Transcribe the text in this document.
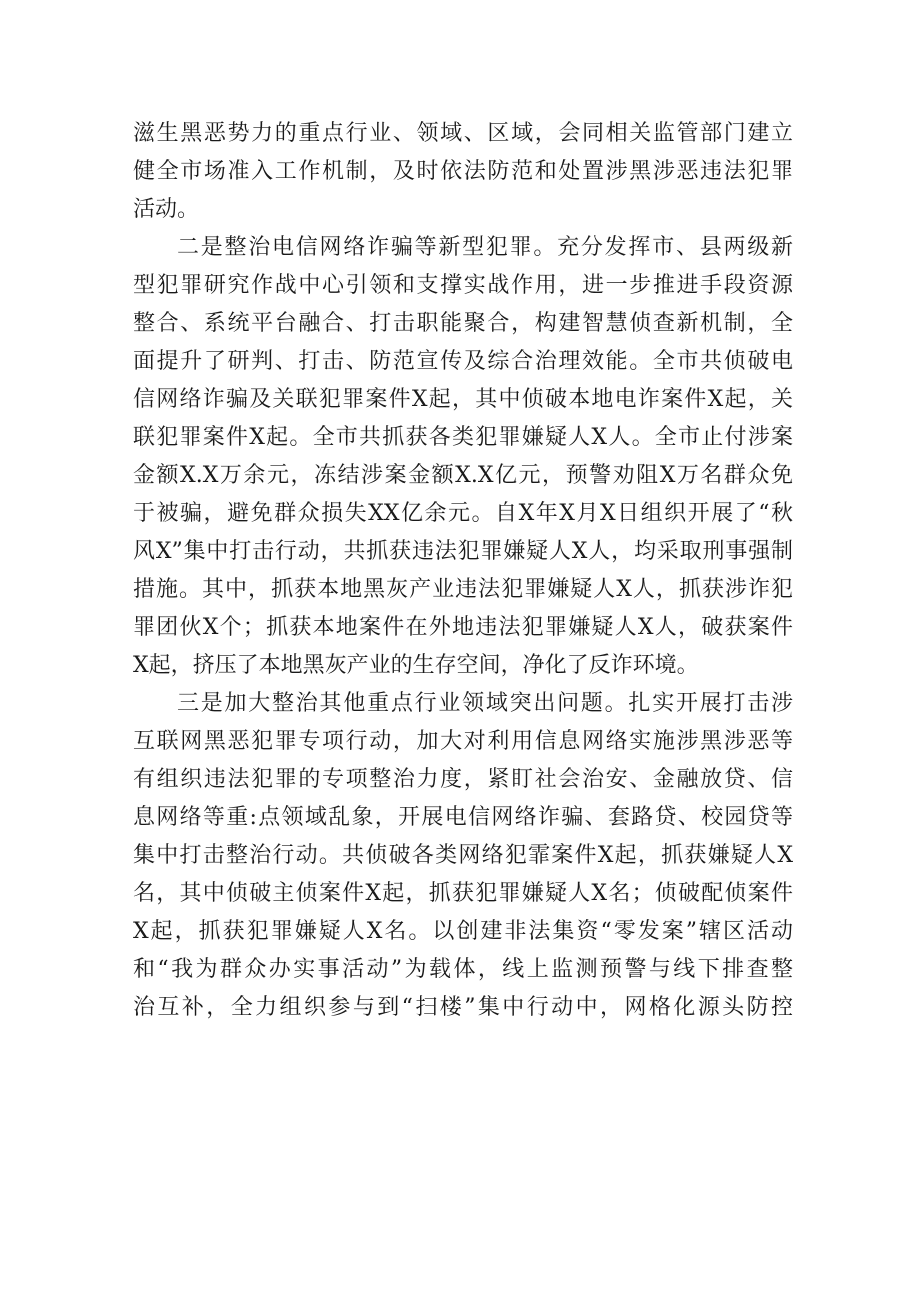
滋生黑恶势力的重点行业、领域、区域，会同相关监管部门建立
健全市场准入工作机制，及时依法防范和处置涉黑涉恶违法犯罪
活动。
二是整治电信网络诈骗等新型犯罪。充分发挥市、县两级新
型犯罪研究作战中心引领和支撑实战作用，进一步推进手段资源
整合、系统平台融合、打击职能聚合，构建智慧侦查新机制，全
面提升了研判、打击、防范宣传及综合治理效能。全市共侦破电
信网络诈骗及关联犯罪案件X起，其中侦破本地电诈案件X起，关
联犯罪案件X起。全市共抓获各类犯罪嫌疑人X人。全市止付涉案
金额X.X万余元，冻结涉案金额X.X亿元，预警劝阻X万名群众免
于被骗，避免群众损失XX亿余元。自X年X月X日组织开展了“秋
风X”集中打击行动，共抓获违法犯罪嫌疑人X人，均采取刑事强制
措施。其中，抓获本地黑灰产业违法犯罪嫌疑人X人，抓获涉诈犯
罪团伙X个；抓获本地案件在外地违法犯罪嫌疑人X人，破获案件
X起，挤压了本地黑灰产业的生存空间，净化了反诈环境。
三是加大整治其他重点行业领域突出问题。扎实开展打击涉
互联网黑恶犯罪专项行动，加大对利用信息网络实施涉黑涉恶等
有组织违法犯罪的专项整治力度，紧盯社会治安、金融放贷、信
息网络等重:点领域乱象，开展电信网络诈骗、套路贷、校园贷等
集中打击整治行动。共侦破各类网络犯霏案件X起，抓获嫌疑人X
名，其中侦破主侦案件X起，抓获犯罪嫌疑人X名；侦破配侦案件
X起，抓获犯罪嫌疑人X名。以创建非法集资“零发案”辖区活动
和“我为群众办实事活动”为载体，线上监测预警与线下排查整
治互补，全力组织参与到“扫楼”集中行动中，网格化源头防控
